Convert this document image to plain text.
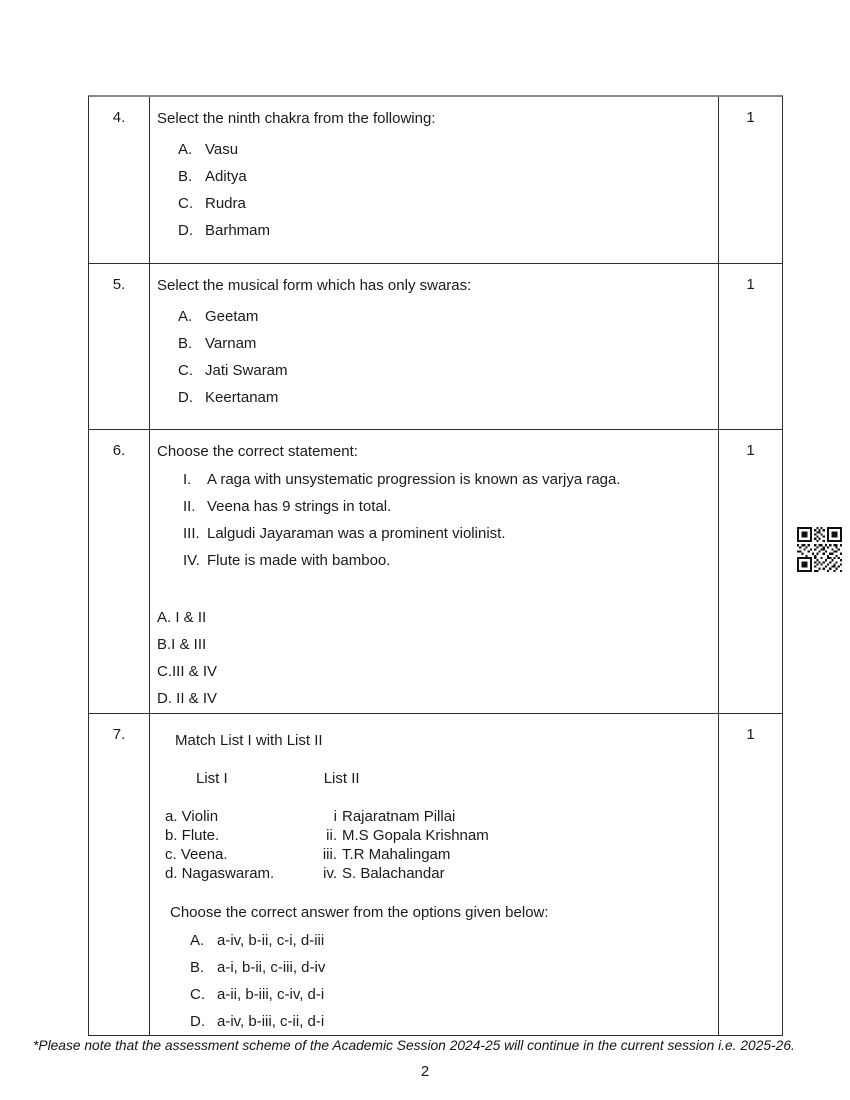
4.	Select the ninth chakra from the following:
A. Vasu
B. Aditya
C. Rudra
D. Barhmam
1
5.	Select the musical form which has only swaras:
A. Geetam
B. Varnam
C. Jati Swaram
D. Keertanam
1
6.	Choose the correct statement:
I.	A raga with unsystematic progression is known as varjya raga.
II. Veena has 9 strings in total.
III. Lalgudi Jayaraman was a prominent violinist.
IV. Flute is made with bamboo.
A. I & II
B.I & III
C.III & IV
D. II & IV
1
7.	Match List I with List II
List I	List II
a. Violin	i Rajaratnam Pillai
b. Flute.	ii. M.S Gopala Krishnam
c. Veena.	iii. T.R Mahalingam
d. Nagaswaram.	iv. S. Balachandar
Choose the correct answer from the options given below:
A. a-iv, b-ii, c-i, d-iii
B. a-i, b-ii, c-iii, d-iv
C. a-ii, b-iii, c-iv, d-i
D. a-iv, b-iii, c-ii, d-i
1
*Please note that the assessment scheme of the Academic Session 2024-25 will continue in the current session i.e. 2025-26.
2
